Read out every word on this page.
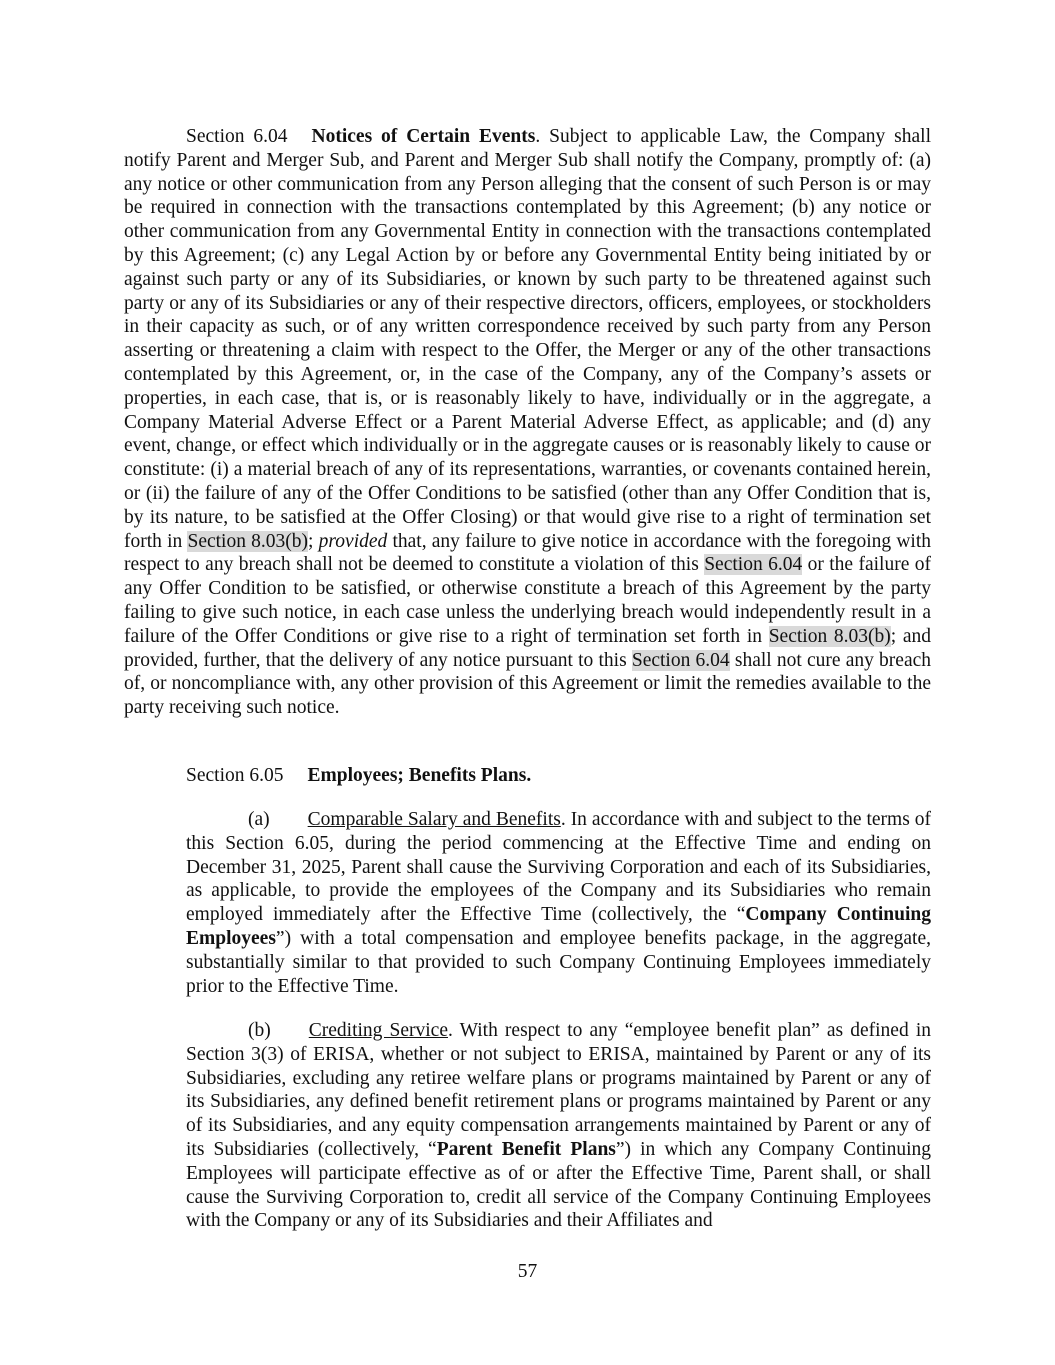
Section 6.04 Notices of Certain Events. Subject to applicable Law, the Company shall notify Parent and Merger Sub, and Parent and Merger Sub shall notify the Company, promptly of: (a) any notice or other communication from any Person alleging that the consent of such Person is or may be required in connection with the transactions contemplated by this Agreement; (b) any notice or other communication from any Governmental Entity in connection with the transactions contemplated by this Agreement; (c) any Legal Action by or before any Governmental Entity being initiated by or against such party or any of its Subsidiaries, or known by such party to be threatened against such party or any of its Subsidiaries or any of their respective directors, officers, employees, or stockholders in their capacity as such, or of any written correspondence received by such party from any Person asserting or threatening a claim with respect to the Offer, the Merger or any of the other transactions contemplated by this Agreement, or, in the case of the Company, any of the Company’s assets or properties, in each case, that is, or is reasonably likely to have, individually or in the aggregate, a Company Material Adverse Effect or a Parent Material Adverse Effect, as applicable; and (d) any event, change, or effect which individually or in the aggregate causes or is reasonably likely to cause or constitute: (i) a material breach of any of its representations, warranties, or covenants contained herein, or (ii) the failure of any of the Offer Conditions to be satisfied (other than any Offer Condition that is, by its nature, to be satisfied at the Offer Closing) or that would give rise to a right of termination set forth in Section 8.03(b); provided that, any failure to give notice in accordance with the foregoing with respect to any breach shall not be deemed to constitute a violation of this Section 6.04 or the failure of any Offer Condition to be satisfied, or otherwise constitute a breach of this Agreement by the party failing to give such notice, in each case unless the underlying breach would independently result in a failure of the Offer Conditions or give rise to a right of termination set forth in Section 8.03(b); and provided, further, that the delivery of any notice pursuant to this Section 6.04 shall not cure any breach of, or noncompliance with, any other provision of this Agreement or limit the remedies available to the party receiving such notice.

Section 6.05 Employees; Benefits Plans.

(a) Comparable Salary and Benefits. In accordance with and subject to the terms of this Section 6.05, during the period commencing at the Effective Time and ending on December 31, 2025, Parent shall cause the Surviving Corporation and each of its Subsidiaries, as applicable, to provide the employees of the Company and its Subsidiaries who remain employed immediately after the Effective Time (collectively, the “Company Continuing Employees”) with a total compensation and employee benefits package, in the aggregate, substantially similar to that provided to such Company Continuing Employees immediately prior to the Effective Time.

(b) Crediting Service. With respect to any “employee benefit plan” as defined in Section 3(3) of ERISA, whether or not subject to ERISA, maintained by Parent or any of its Subsidiaries, excluding any retiree welfare plans or programs maintained by Parent or any of its Subsidiaries, any defined benefit retirement plans or programs maintained by Parent or any of its Subsidiaries, and any equity compensation arrangements maintained by Parent or any of its Subsidiaries (collectively, “Parent Benefit Plans”) in which any Company Continuing Employees will participate effective as of or after the Effective Time, Parent shall, or shall cause the Surviving Corporation to, credit all service of the Company Continuing Employees with the Company or any of its Subsidiaries and their Affiliates and

57
